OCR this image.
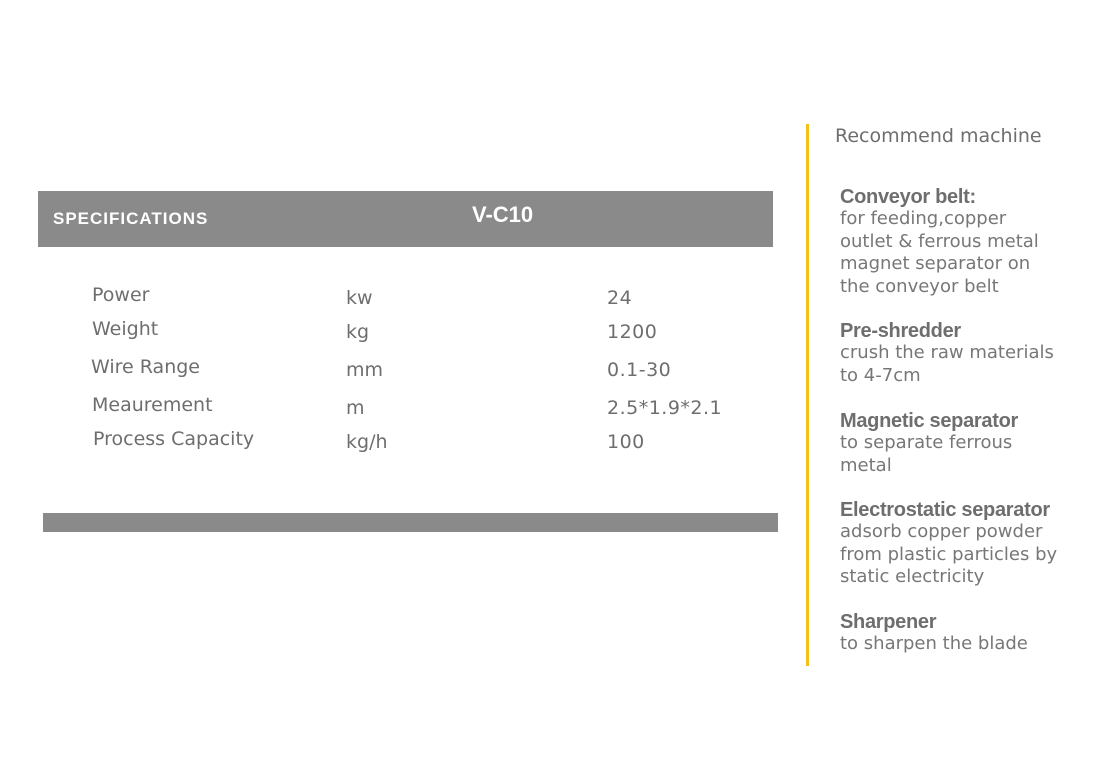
SPECIFICATIONS	V-C10
Power	kw	24
Weight	kg	1200
Wire Range	mm	0.1-30
Meaurement	m	2.5*1.9*2.1
Process Capacity	kg/h	100
Recommend machine
Conveyor belt:
for feeding,copper
outlet & ferrous metal
magnet separator on
the conveyor belt
Pre-shredder
crush the raw materials
to 4-7cm
Magnetic separator
to separate ferrous
metal
Electrostatic separator
adsorb copper powder
from plastic particles by
static electricity
Sharpener
to sharpen the blade
